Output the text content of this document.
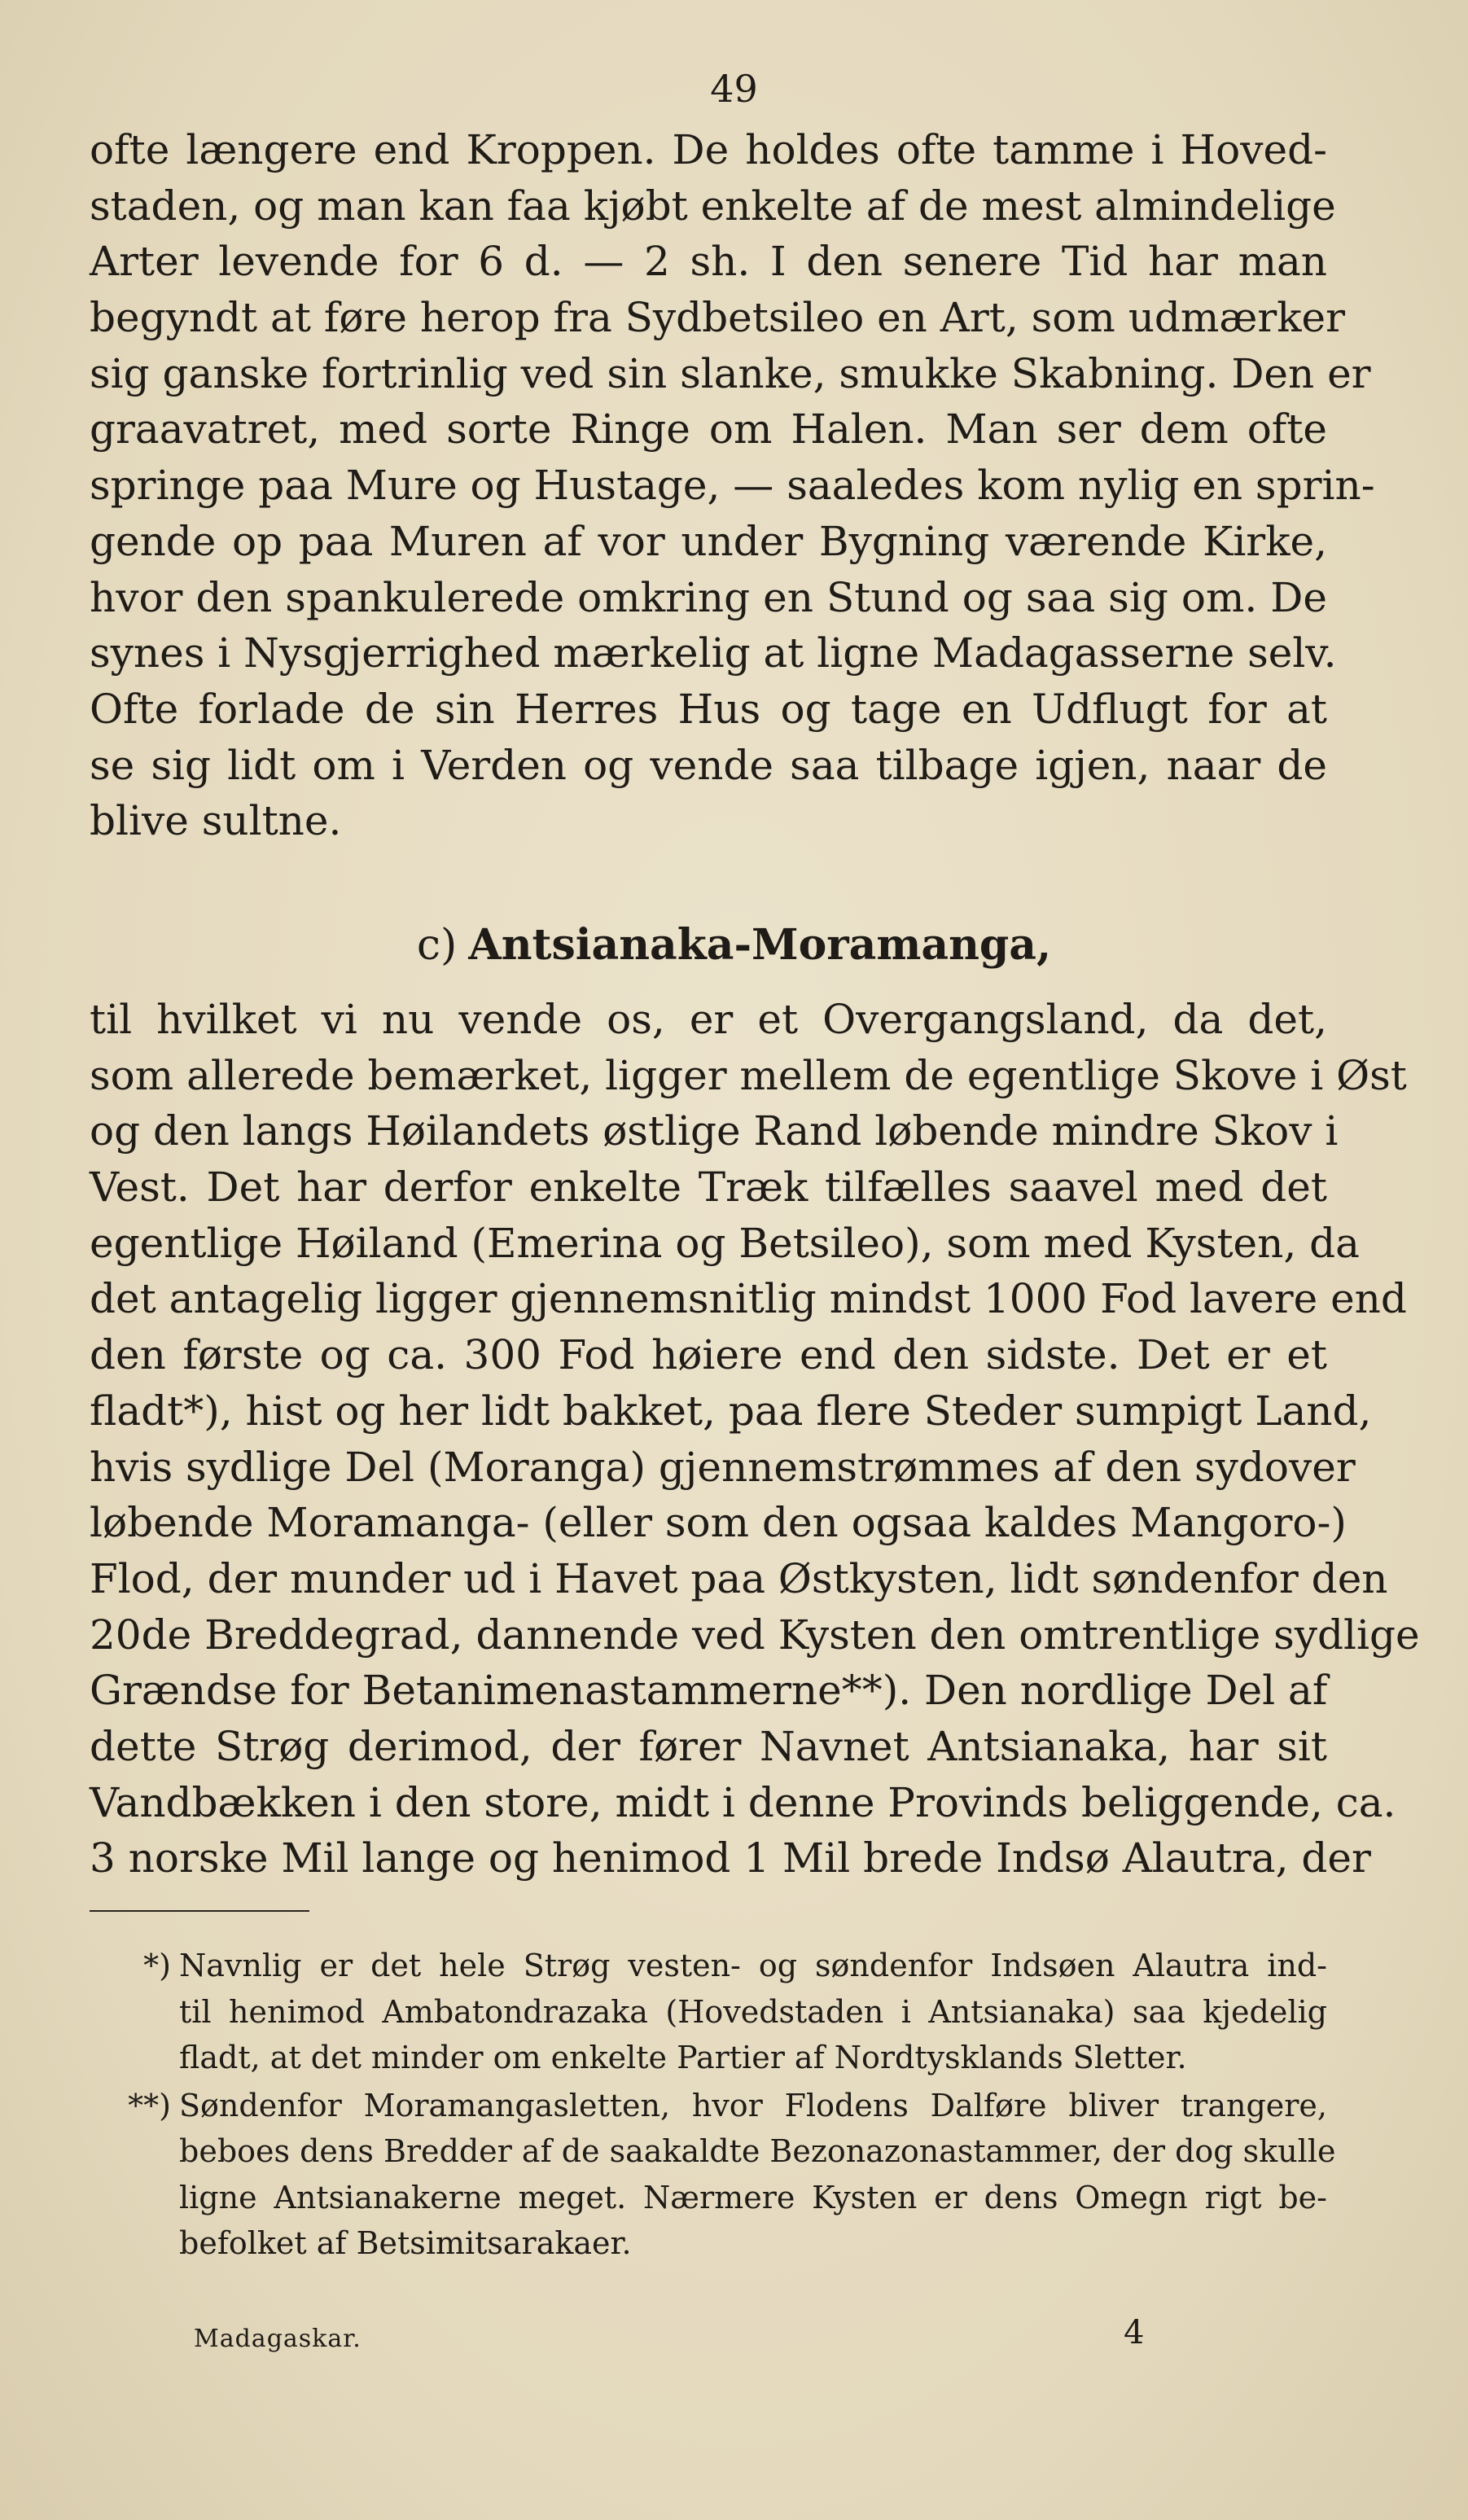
49
ofte længere end Kroppen. De holdes ofte tamme i Hoved-
staden, og man kan faa kjøbt enkelte af de mest almindelige
Arter levende for 6 d. — 2 sh. I den senere Tid har man
begyndt at føre herop fra Sydbetsileo en Art, som udmærker
sig ganske fortrinlig ved sin slanke, smukke Skabning. Den er
graavatret, med sorte Ringe om Halen. Man ser dem ofte
springe paa Mure og Hustage, — saaledes kom nylig en sprin-
gende op paa Muren af vor under Bygning værende Kirke,
hvor den spankulerede omkring en Stund og saa sig om. De
synes i Nysgjerrighed mærkelig at ligne Madagasserne selv.
Ofte forlade de sin Herres Hus og tage en Udflugt for at
se sig lidt om i Verden og vende saa tilbage igjen, naar de
blive sultne.
c) Antsianaka-Moramanga,
til hvilket vi nu vende os, er et Overgangsland, da det,
som allerede bemærket, ligger mellem de egentlige Skove i Øst
og den langs Høilandets østlige Rand løbende mindre Skov i
Vest. Det har derfor enkelte Træk tilfælles saavel med det
egentlige Høiland (Emerina og Betsileo), som med Kysten, da
det antagelig ligger gjennemsnitlig mindst 1000 Fod lavere end
den første og ca. 300 Fod høiere end den sidste. Det er et
fladt*), hist og her lidt bakket, paa flere Steder sumpigt Land,
hvis sydlige Del (Moranga) gjennemstrømmes af den sydover
løbende Moramanga- (eller som den ogsaa kaldes Mangoro-)
Flod, der munder ud i Havet paa Østkysten, lidt søndenfor den
20de Breddegrad, dannende ved Kysten den omtrentlige sydlige
Grændse for Betanimenastammerne**). Den nordlige Del af
dette Strøg derimod, der fører Navnet Antsianaka, har sit
Vandbækken i den store, midt i denne Provinds beliggende, ca.
3 norske Mil lange og henimod 1 Mil brede Indsø Alautra, der
*) Navnlig er det hele Strøg vesten- og søndenfor Indsøen Alautra ind-
til henimod Ambatondrazaka (Hovedstaden i Antsianaka) saa kjedelig
fladt, at det minder om enkelte Partier af Nordtysklands Sletter.
**) Søndenfor Moramangasletten, hvor Flodens Dalføre bliver trangere,
beboes dens Bredder af de saakaldte Bezonazonastammer, der dog skulle
ligne Antsianakerne meget. Nærmere Kysten er dens Omegn rigt be-
befolket af Betsimitsarakaer.
Madagaskar.	4
